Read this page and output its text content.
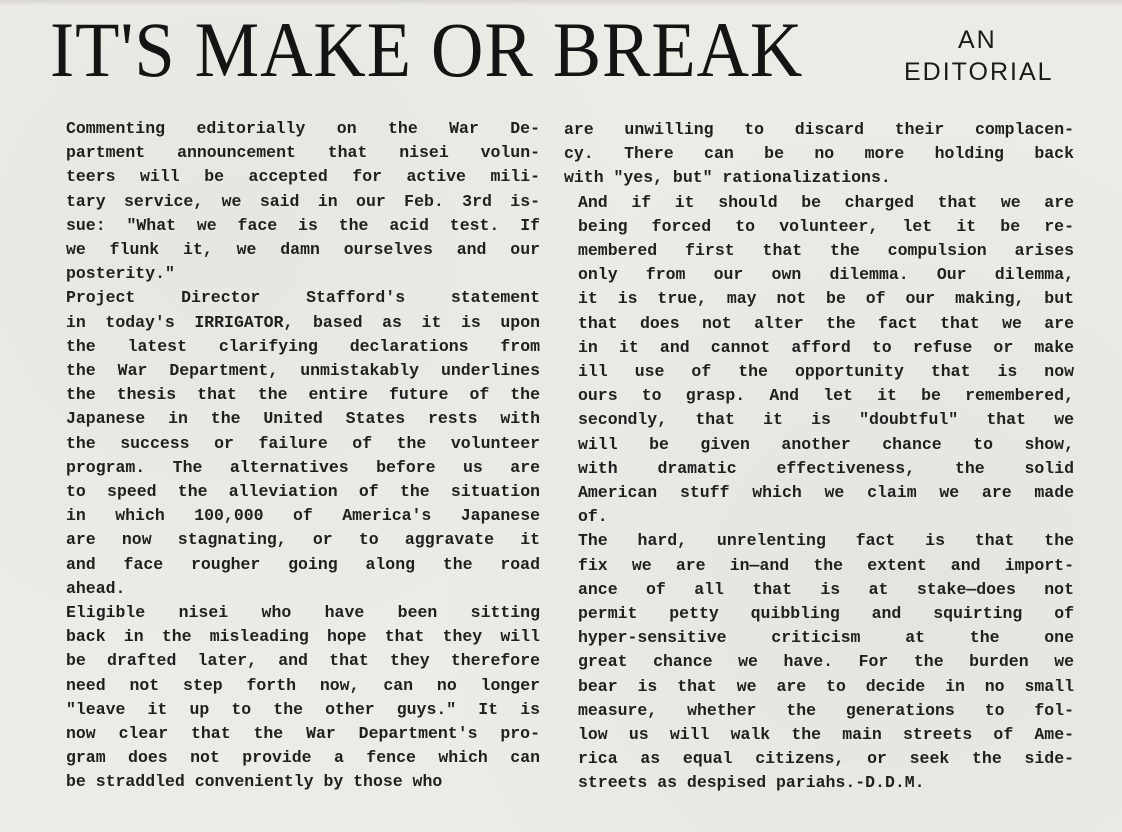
IT'S MAKE OR BREAK	AN
EDITORIAL

Commenting editorially on the War De-
partment announcement that nisei volun-
teers will be accepted for active mili-
tary service, we said in our Feb. 3rd is-
sue: "What we face is the acid test. If
we flunk it, we damn ourselves and our
posterity."

Project Director Stafford's statement
in today's IRRIGATOR, based as it is upon
the latest clarifying declarations from
the War Department, unmistakably underlines
the thesis that the entire future of the
Japanese in the United States rests with
the success or failure of the volunteer
program. The alternatives before us are
to speed the alleviation of the situation
in which 100,000 of America's Japanese
are now stagnating, or to aggravate it
and face rougher going along the road
ahead.

Eligible nisei who have been sitting
back in the misleading hope that they will
be drafted later, and that they therefore
need not step forth now, can no longer
"leave it up to the other guys." It is
now clear that the War Department's pro-
gram does not provide a fence which can
be straddled conveniently by those who

are unwilling to discard their complacen-
cy. There can be no more holding back
with "yes, but" rationalizations.

And if it should be charged that we are
being forced to volunteer, let it be re-
membered first that the compulsion arises
only from our own dilemma. Our dilemma,
it is true, may not be of our making, but
that does not alter the fact that we are
in it and cannot afford to refuse or make
ill use of the opportunity that is now
ours to grasp. And let it be remembered,
secondly, that it is "doubtful" that we
will be given another chance to show,
with dramatic effectiveness, the solid
American stuff which we claim we are made
of.

The hard, unrelenting fact is that the
fix we are in—and the extent and import-
ance of all that is at stake—does not
permit petty quibbling and squirting of
hyper-sensitive criticism at the one
great chance we have. For the burden we
bear is that we are to decide in no small
measure, whether the generations to fol-
low us will walk the main streets of Ame-
rica as equal citizens, or seek the side-
streets as despised pariahs.-D.D.M.
